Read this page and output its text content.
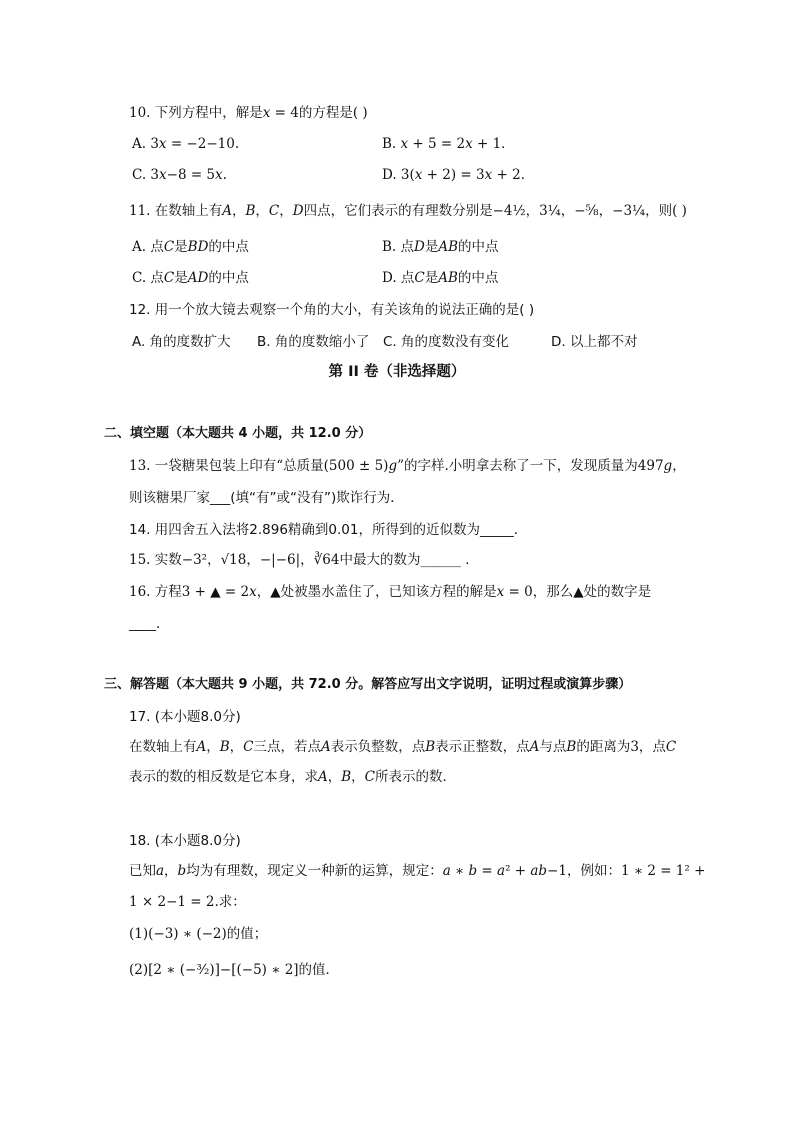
10. 下列方程中，解是𝑥 = 4的方程是( )
A. 3𝑥 = −2−10.	B. 𝑥 + 5 = 2𝑥 + 1．
C. 3𝑥−8 = 5𝑥.	D. 3(𝑥 + 2) = 3𝑥 + 2．
11. 在数轴上有𝐴，𝐵，𝐶，𝐷四点，它们表示的有理数分别是−4½，3¼，−⅝，−3¼，则( )
A. 点𝐶是𝐵𝐷的中点	B. 点𝐷是𝐴𝐵的中点
C. 点𝐶是𝐴𝐷的中点	D. 点𝐶是𝐴𝐵的中点
12. 用一个放大镜去观察一个角的大小，有关该角的说法正确的是( )
A. 角的度数扩大 B. 角的度数缩小了 C. 角的度数没有变化	D. 以上都不对
第 II 卷（非选择题）
二、填空题（本大题共 4 小题，共 12.0 分）
13. 一袋糖果包装上印有“总质量(500 ± 5)𝑔”的字样.小明拿去称了一下，发现质量为497𝑔，
则该糖果厂家___(填“有”或“没有”)欺诈行为．
14. 用四舍五入法将2.896精确到0.01，所得到的近似数为_____．
15. 实数−3²，√18，−|−6|，∛64中最大的数为______ ．
16. 方程3 + ▲ = 2𝑥，▲处被墨水盖住了，已知该方程的解是𝑥 = 0，那么▲处的数字是
____．
三、解答题（本大题共 9 小题，共 72.0 分。解答应写出文字说明，证明过程或演算步骤）
17. (本小题8.0分)
在数轴上有𝐴，𝐵，𝐶三点，若点𝐴表示负整数，点𝐵表示正整数，点𝐴与点𝐵的距离为3，点𝐶
表示的数的相反数是它本身，求𝐴，𝐵，𝐶所表示的数．
18. (本小题8.0分)
已知𝑎，𝑏均为有理数，现定义一种新的运算，规定：𝑎 ∗ 𝑏 = 𝑎² + 𝑎𝑏−1，例如：1 ∗ 2 = 1² +
1 × 2−1 = 2.求：
(1)(−3) ∗ (−2)的值；
(2)[2 ∗ (−³⁄₂)]−[(−5) ∗ 2]的值．
